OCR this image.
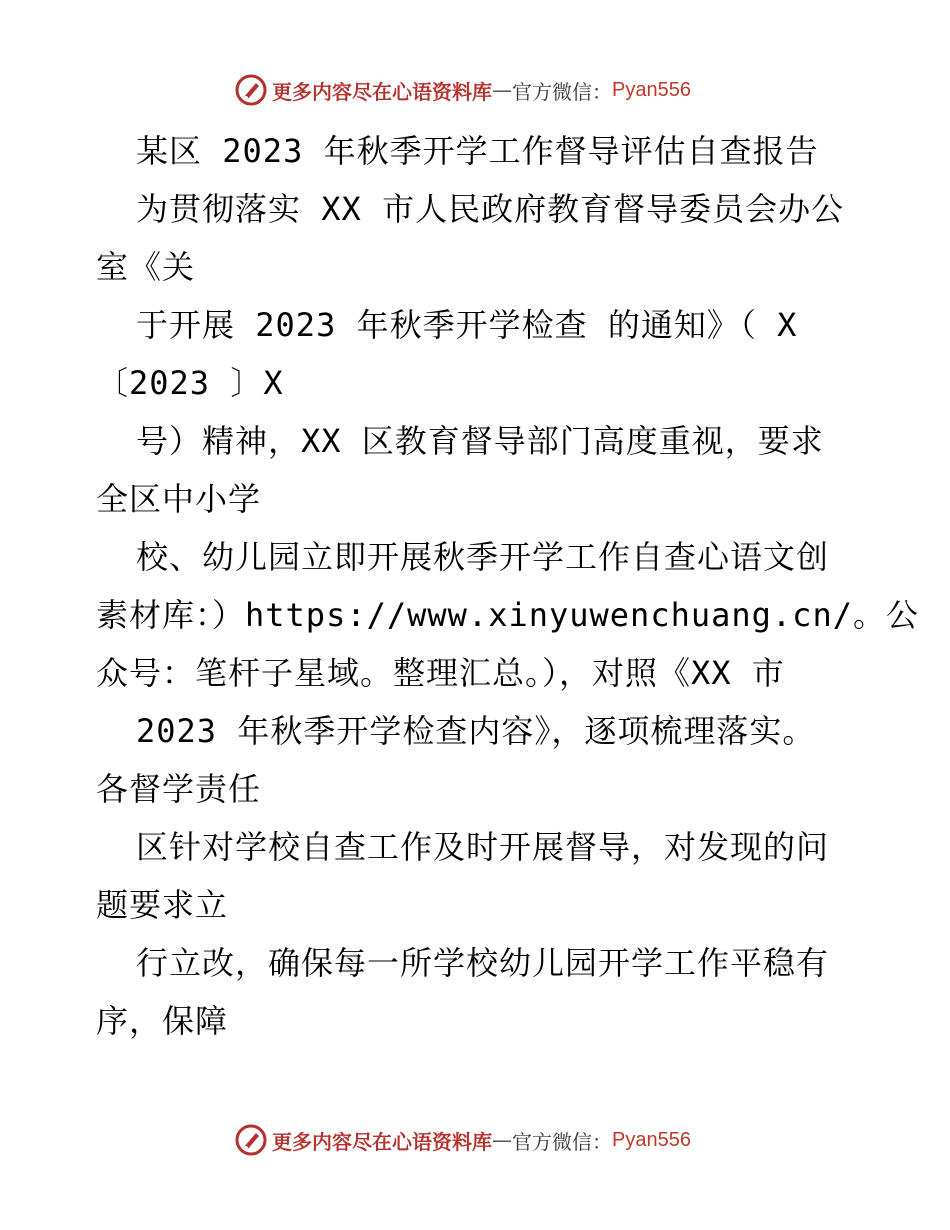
更多内容尽在心语资料库 — 官方微信： Pyan556
某区 2023 年秋季开学工作督导评估自查报告
为贯彻落实 XX 市人民政府教育督导委员会办公
室《关
于开展 2023 年秋季开学检查 的通知》（ X
〔2023 〕X
号）精神，XX 区教育督导部门高度重视，要求
全区中小学
校、幼儿园立即开展秋季开学工作自查心语文创
素材库：）https://www.xinyuwenchuang.cn/。公
众号：笔杆子星域。整理汇总。），对照《XX 市
2023 年秋季开学检查内容》，逐项梳理落实。
各督学责任
区针对学校自查工作及时开展督导，对发现的问
题要求立
行立改，确保每一所学校幼儿园开学工作平稳有
序，保障
更多内容尽在心语资料库 — 官方微信： Pyan556
